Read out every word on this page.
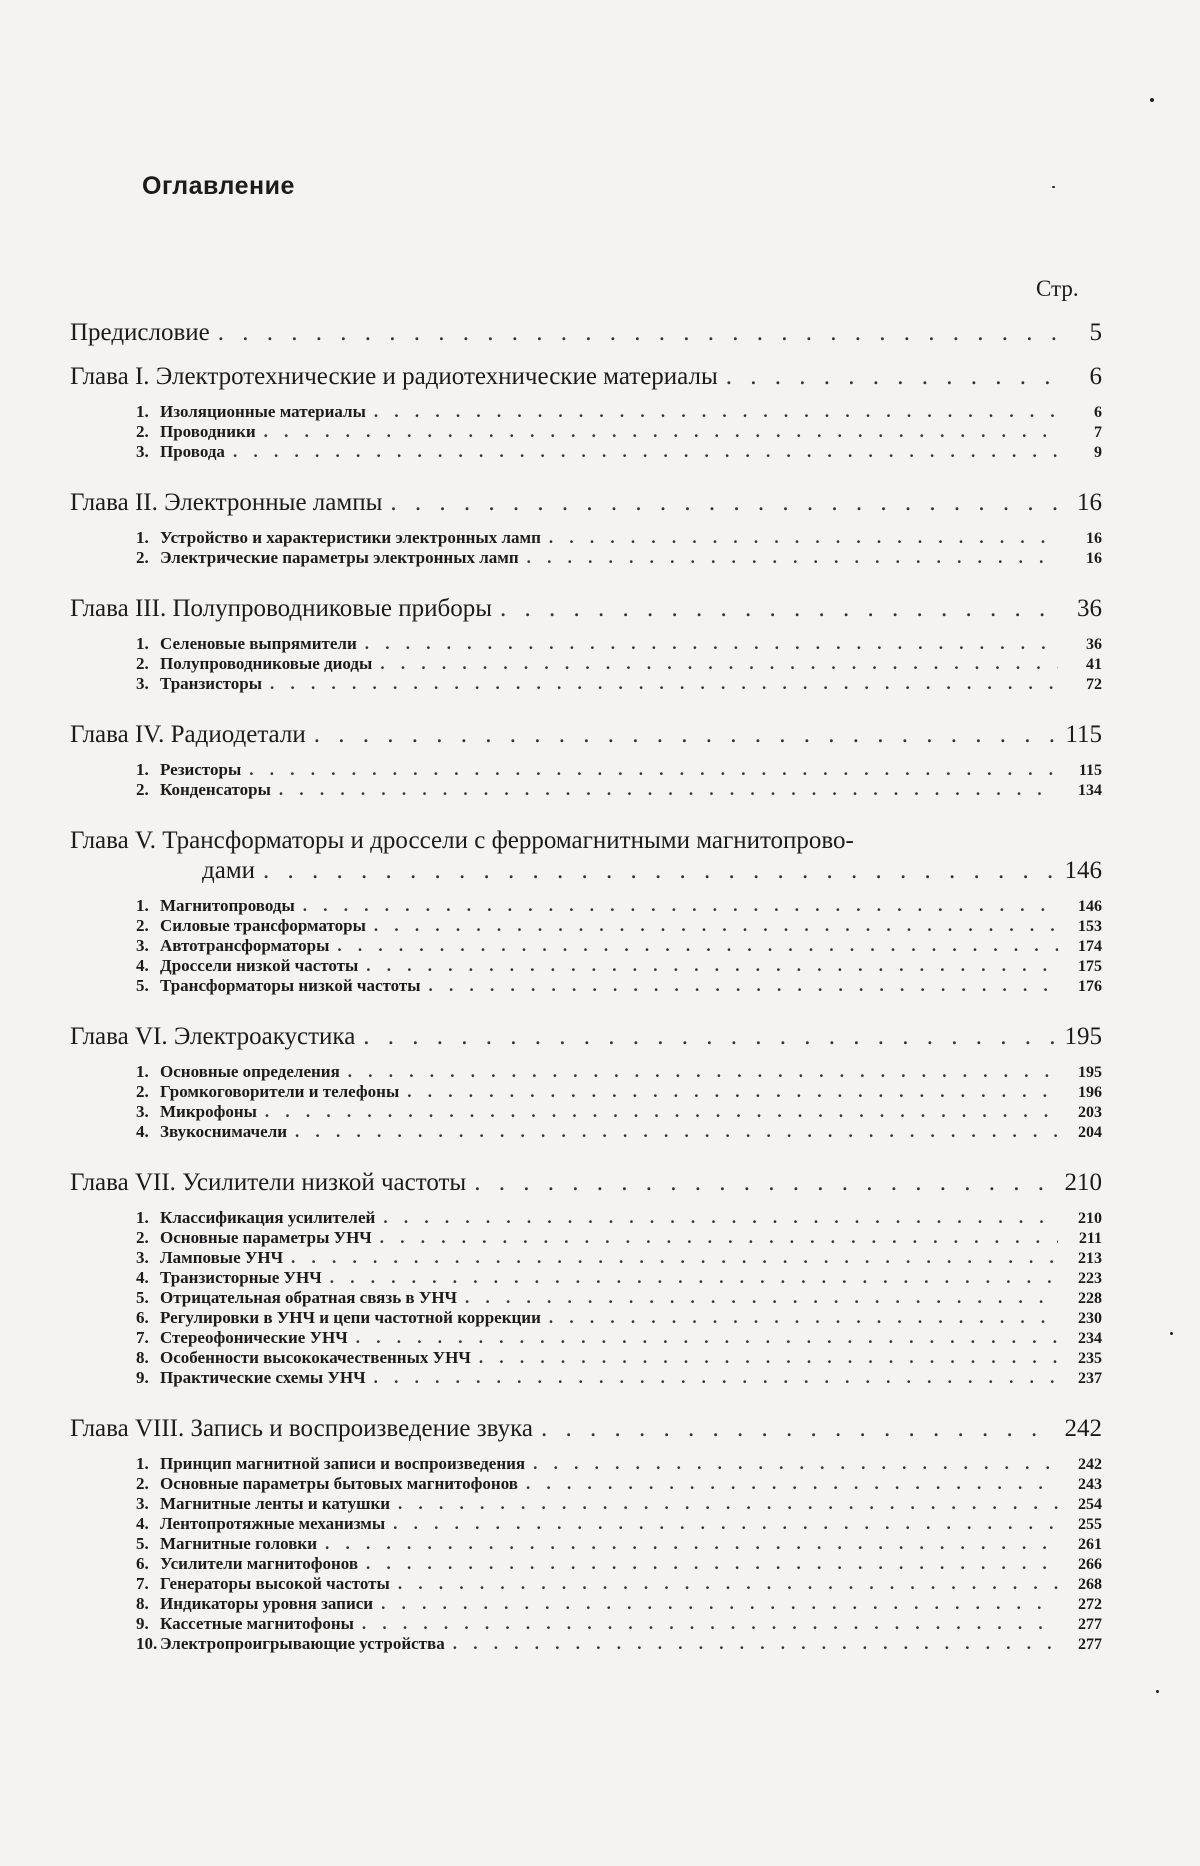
Оглавление
Стр.
Предисловие . . .	5
Глава I. Электротехнические и радиотехнические материалы . . .	6
1. Изоляционные материалы . . .	6
2. Проводники . . .	7
3. Провода . . .	9
Глава II. Электронные лампы . . .	16
1. Устройство и характеристики электронных ламп . . .	16
2. Электрические параметры электронных ламп . . .	16
Глава III. Полупроводниковые приборы . . .	36
1. Селеновые выпрямители . . .	36
2. Полупроводниковые диоды . . .	41
3. Транзисторы . . .	72
Глава IV. Радиодетали . . .	115
1. Резисторы . . .	115
2. Конденсаторы . . .	134
Глава V. Трансформаторы и дроссели с ферромагнитными магнитопрово-
дами . . .	146
1. Магнитопроводы . . .	146
2. Силовые трансформаторы . . .	153
3. Автотрансформаторы . . .	174
4. Дроссели низкой частоты . . .	175
5. Трансформаторы низкой частоты . . .	176
Глава VI. Электроакустика . . .	195
1. Основные определения . . .	195
2. Громкоговорители и телефоны . . .	196
3. Микрофоны . . .	203
4. Звукоснимачели . . .	204
Глава VII. Усилители низкой частоты . . .	210
1. Классификация усилителей . . .	210
2. Основные параметры УНЧ . . .	211
3. Ламповые УНЧ . . .	213
4. Транзисторные УНЧ . . .	223
5. Отрицательная обратная связь в УНЧ . . .	228
6. Регулировки в УНЧ и цепи частотной коррекции . . .	230
7. Стереофонические УНЧ . . .	234
8. Особенности высококачественных УНЧ . . .	235
9. Практические схемы УНЧ . . .	237
Глава VIII. Запись и воспроизведение звука . . .	242
1. Принцип магнитной записи и воспроизведения . . .	242
2. Основные параметры бытовых магнитофонов . . .	243
3. Магнитные ленты и катушки . . .	254
4. Лентопротяжные механизмы . . .	255
5. Магнитные головки . . .	261
6. Усилители магнитофонов . . .	266
7. Генераторы высокой частоты . . .	268
8. Индикаторы уровня записи . . .	272
9. Кассетные магнитофоны . . .	277
10. Электропроигрывающие устройства . . .	277
